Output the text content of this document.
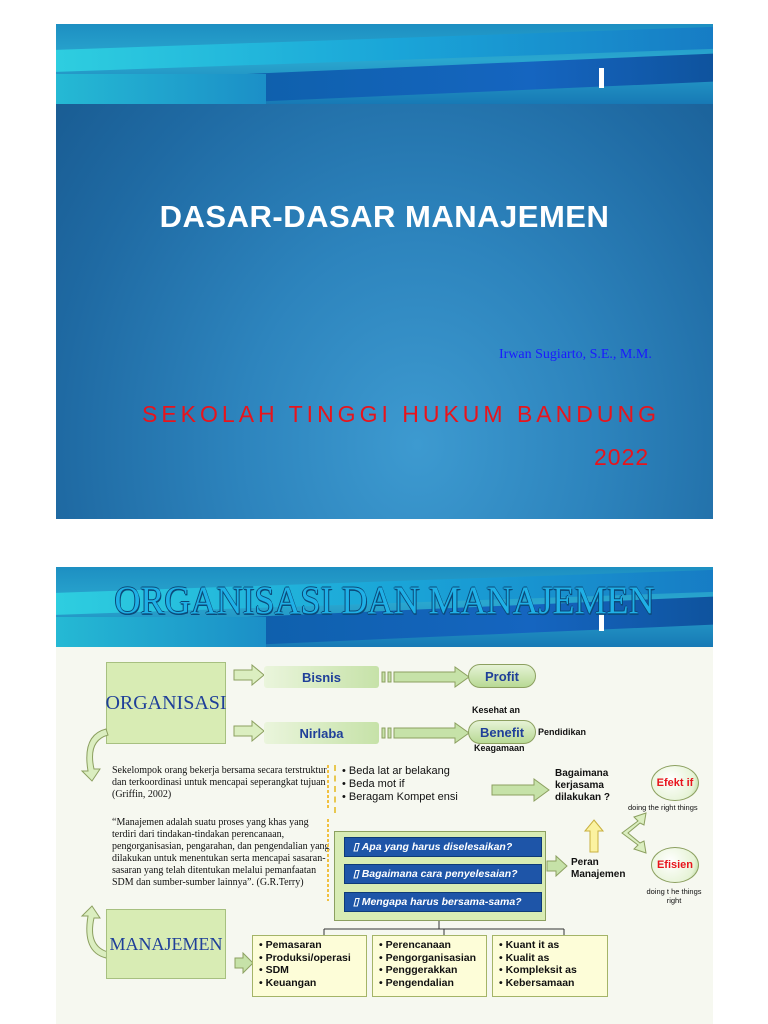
DASAR-DASAR MANAJEMEN
Irwan Sugiarto, S.E., M.M.
SEKOLAH TINGGI HUKUM BANDUNG
2022
ORGANISASI DAN MANAJEMEN
ORGANISASI
Bisnis	Profit
Nirlaba	Benefit
Kesehat an
Pendidikan
Keagamaan
Sekelompok orang bekerja bersama secara terstruktur dan terkoordinasi untuk mencapai seperangkat tujuan (Griffin, 2002)
• Beda lat ar belakang
• Beda mot if
• Beragam Kompet ensi
Bagaimana kerjasama dilakukan ?
Efekt if
doing the right things
Efisien
doing t he things right
“Manajemen adalah suatu proses yang khas yang terdiri dari tindakan-tindakan perencanaan, pengorganisasian, pengarahan, dan pengendalian yang dilakukan untuk menentukan serta mencapai sasaran-sasaran yang telah ditentukan melalui pemanfaatan SDM dan sumber-sumber lainnya”. (G.R.Terry)
▯ Apa yang harus diselesaikan?
▯ Bagaimana cara penyelesaian?
▯ Mengapa harus bersama-sama?
Peran Manajemen
MANAJEMEN	• Pemasaran
• Produksi/operasi
• SDM
• Keuangan
• Perencanaan
• Pengorganisasian
• Penggerakkan
• Pengendalian
• Kuant it as
• Kualit as
• Kompleksit as
• Kebersamaan
